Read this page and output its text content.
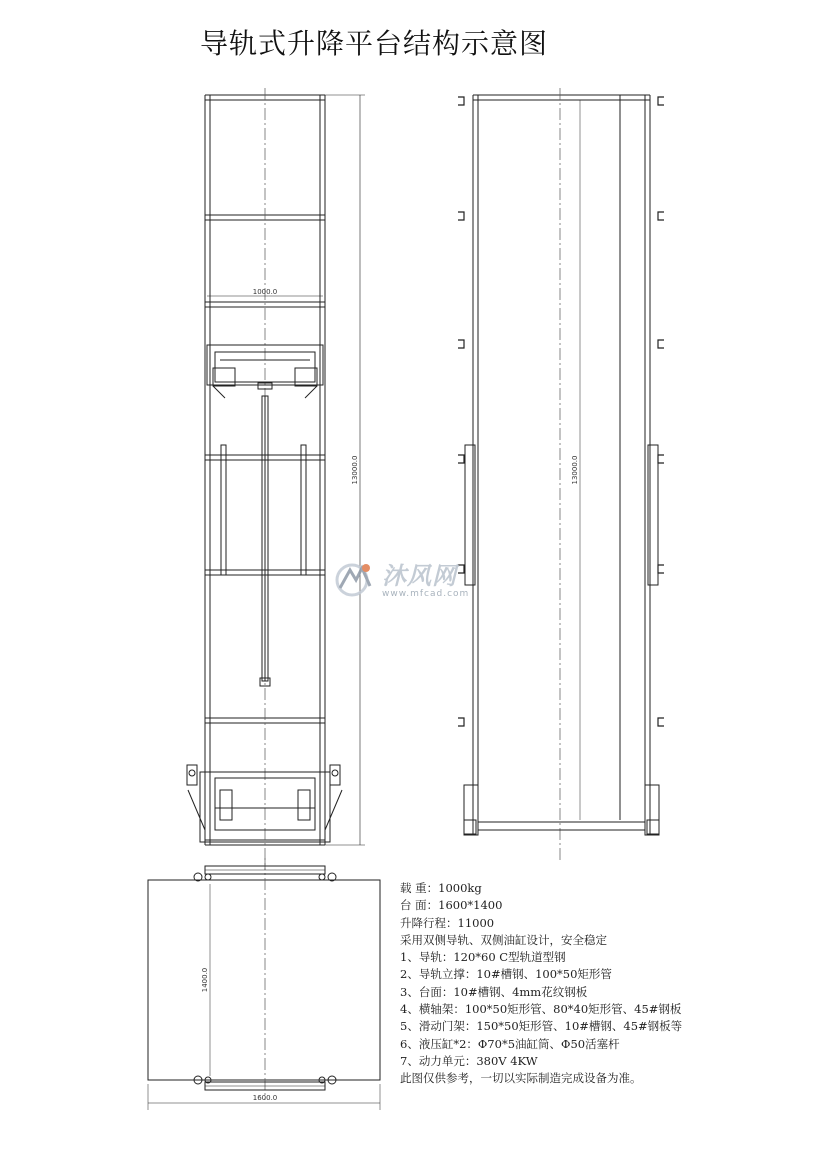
导轨式升降平台结构示意图
1000.0
13000.0	13000.0
1400.0
1600.0
沐风网
www.mfcad.com
载 重：1000kg
台 面：1600*1400
升降行程：11000
采用双侧导轨、双侧油缸设计，安全稳定
1、导轨：120*60 C型轨道型钢
2、导轨立撑：10#槽钢、100*50矩形管
3、台面：10#槽钢、4mm花纹钢板
4、横轴架：100*50矩形管、80*40矩形管、45#钢板
5、滑动门架：150*50矩形管、10#槽钢、45#钢板等
6、液压缸*2：Φ70*5油缸筒、Φ50活塞杆
7、动力单元：380V 4KW
此图仅供参考，一切以实际制造完成设备为准。
